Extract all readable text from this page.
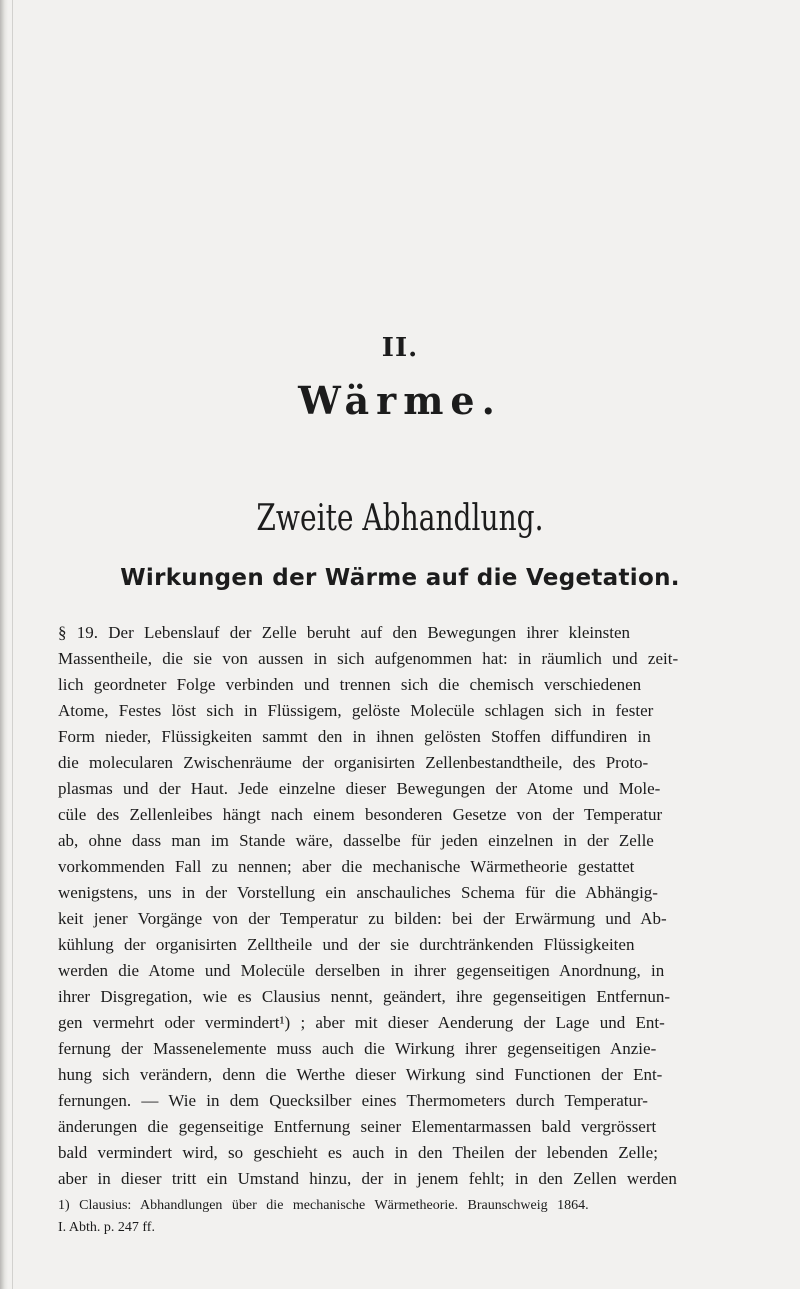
II.
Wärme.
Zweite Abhandlung.
Wirkungen der Wärme auf die Vegetation.
§ 19. Der Lebenslauf der Zelle beruht auf den Bewegungen ihrer kleinsten
Massentheile, die sie von aussen in sich aufgenommen hat: in räumlich und zeit-
lich geordneter Folge verbinden und trennen sich die chemisch verschiedenen
Atome, Festes löst sich in Flüssigem, gelöste Molecüle schlagen sich in fester
Form nieder, Flüssigkeiten sammt den in ihnen gelösten Stoffen diffundiren in
die molecularen Zwischenräume der organisirten Zellenbestandtheile, des Proto-
plasmas und der Haut. Jede einzelne dieser Bewegungen der Atome und Mole-
cüle des Zellenleibes hängt nach einem besonderen Gesetze von der Temperatur
ab, ohne dass man im Stande wäre, dasselbe für jeden einzelnen in der Zelle
vorkommenden Fall zu nennen; aber die mechanische Wärmetheorie gestattet
wenigstens, uns in der Vorstellung ein anschauliches Schema für die Abhängig-
keit jener Vorgänge von der Temperatur zu bilden: bei der Erwärmung und Ab-
kühlung der organisirten Zelltheile und der sie durchtränkenden Flüssigkeiten
werden die Atome und Molecüle derselben in ihrer gegenseitigen Anordnung, in
ihrer Disgregation, wie es Clausius nennt, geändert, ihre gegenseitigen Entfernun-
gen vermehrt oder vermindert¹) ; aber mit dieser Aenderung der Lage und Ent-
fernung der Massenelemente muss auch die Wirkung ihrer gegenseitigen Anzie-
hung sich verändern, denn die Werthe dieser Wirkung sind Functionen der Ent-
fernungen. — Wie in dem Quecksilber eines Thermometers durch Temperatur-
änderungen die gegenseitige Entfernung seiner Elementarmassen bald vergrössert
bald vermindert wird, so geschieht es auch in den Theilen der lebenden Zelle;
aber in dieser tritt ein Umstand hinzu, der in jenem fehlt; in den Zellen werden
1) Clausius: Abhandlungen über die mechanische Wärmetheorie. Braunschweig 1864.
I. Abth. p. 247 ff.
